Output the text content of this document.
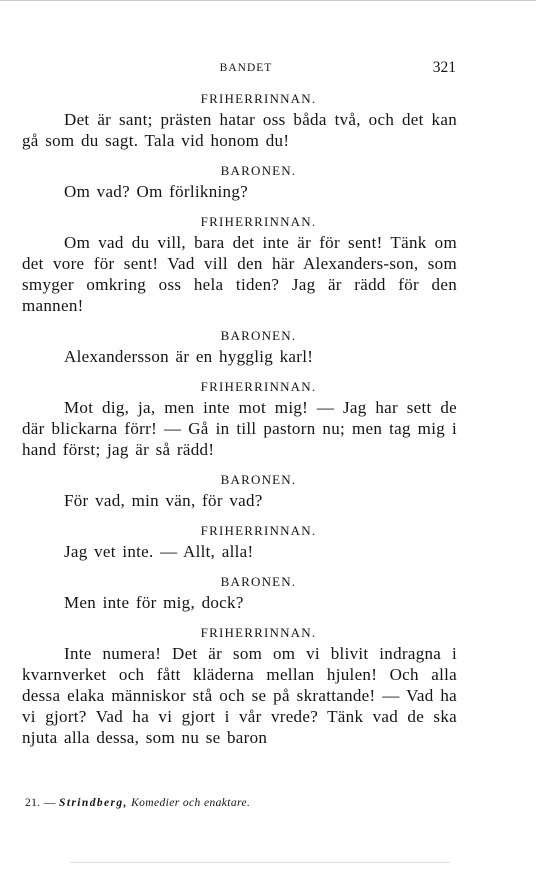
BANDET	321
FRIHERRINNAN.

Det är sant; prästen hatar oss båda två, och det kan gå som du sagt. Tala vid honom du!

BARONEN.

Om vad? Om förlikning?

FRIHERRINNAN.

Om vad du vill, bara det inte är för sent! Tänk om det vore för sent! Vad vill den här Alexanders-son, som smyger omkring oss hela tiden? Jag är rädd för den mannen!

BARONEN.

Alexandersson är en hygglig karl!

FRIHERRINNAN.

Mot dig, ja, men inte mot mig! — Jag har sett de där blickarna förr! — Gå in till pastorn nu; men tag mig i hand först; jag är så rädd!

BARONEN.

För vad, min vän, för vad?

FRIHERRINNAN.

Jag vet inte. — Allt, alla!

BARONEN.

Men inte för mig, dock?

FRIHERRINNAN.

Inte numera! Det är som om vi blivit indragna i kvarnverket och fått kläderna mellan hjulen! Och alla dessa elaka människor stå och se på skrattande! — Vad ha vi gjort? Vad ha vi gjort i vår vrede? Tänk vad de ska njuta alla dessa, som nu se baron

21. — Strindberg, Komedier och enaktare.
